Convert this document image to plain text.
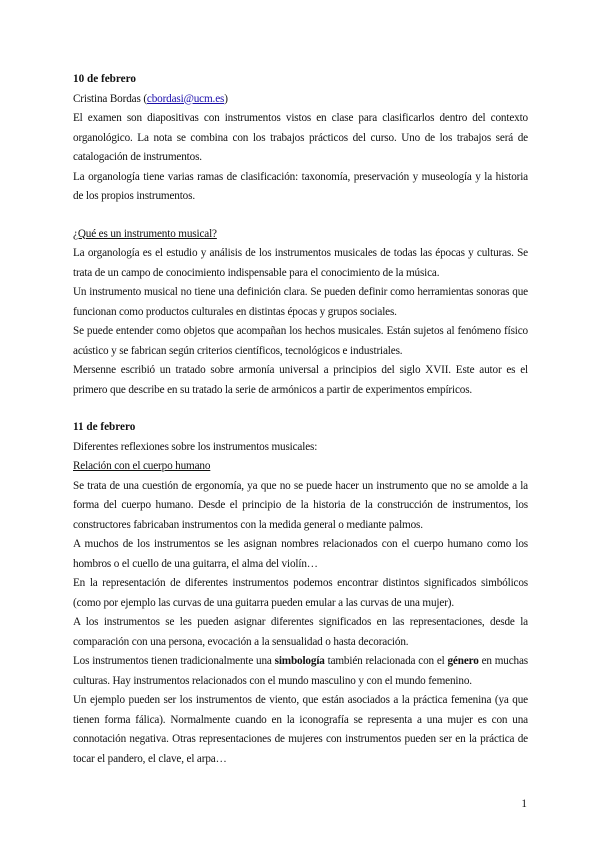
10 de febrero

Cristina Bordas (cbordasi@ucm.es)

El examen son diapositivas con instrumentos vistos en clase para clasificarlos dentro del contexto organológico. La nota se combina con los trabajos prácticos del curso. Uno de los trabajos será de catalogación de instrumentos.

La organología tiene varias ramas de clasificación: taxonomía, preservación y museología y la historia de los propios instrumentos.

¿Qué es un instrumento musical?

La organología es el estudio y análisis de los instrumentos musicales de todas las épocas y culturas. Se trata de un campo de conocimiento indispensable para el conocimiento de la música.

Un instrumento musical no tiene una definición clara. Se pueden definir como herramientas sonoras que funcionan como productos culturales en distintas épocas y grupos sociales.

Se puede entender como objetos que acompañan los hechos musicales. Están sujetos al fenómeno físico acústico y se fabrican según criterios científicos, tecnológicos e industriales.

Mersenne escribió un tratado sobre armonía universal a principios del siglo XVII. Este autor es el primero que describe en su tratado la serie de armónicos a partir de experimentos empíricos.

11 de febrero

Diferentes reflexiones sobre los instrumentos musicales:

Relación con el cuerpo humano

Se trata de una cuestión de ergonomía, ya que no se puede hacer un instrumento que no se amolde a la forma del cuerpo humano. Desde el principio de la historia de la construcción de instrumentos, los constructores fabricaban instrumentos con la medida general o mediante palmos.

A muchos de los instrumentos se les asignan nombres relacionados con el cuerpo humano como los hombros o el cuello de una guitarra, el alma del violín…

En la representación de diferentes instrumentos podemos encontrar distintos significados simbólicos (como por ejemplo las curvas de una guitarra pueden emular a las curvas de una mujer).

A los instrumentos se les pueden asignar diferentes significados en las representaciones, desde la comparación con una persona, evocación a la sensualidad o hasta decoración.

Los instrumentos tienen tradicionalmente una simbología también relacionada con el género en muchas culturas. Hay instrumentos relacionados con el mundo masculino y con el mundo femenino.

Un ejemplo pueden ser los instrumentos de viento, que están asociados a la práctica femenina (ya que tienen forma fálica). Normalmente cuando en la iconografía se representa a una mujer es con una connotación negativa. Otras representaciones de mujeres con instrumentos pueden ser en la práctica de tocar el pandero, el clave, el arpa…

1
